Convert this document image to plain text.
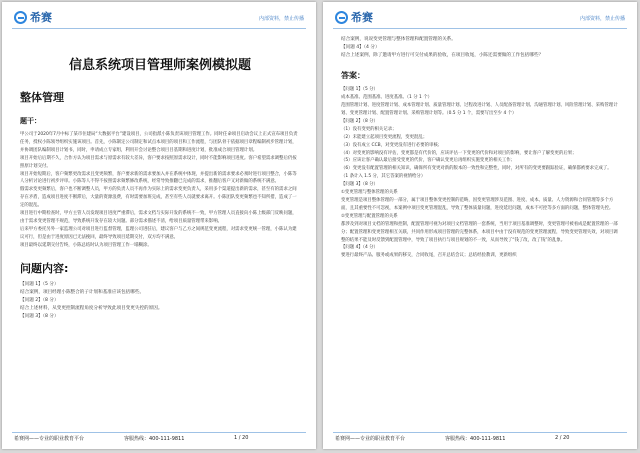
希赛	内部资料，禁止传播
信息系统项目管理师案例模拟题
整体管理
题干：

甲公司于2020年7月中标了某市住建局“大数据平台”建设项目，公司指派小陈负责该项目管理工作。同时任命项目启动会议上正式宣布项目负责任务，授权小陈领导组织实施该项目。首先，小陈制定公司制定和试点本项目的项目和工作流程，与团队骨干依据项目章程编制初步管理计划，并协调团队编制项目计划书，同时，申请成立专家组，利用开会讨论整合项目目基期和进度计划，批准成合项目管理计划。

项目开始后后期不久，合作方认为项目需求与原需求有较大差异，客户要求按照原需求设计，同时不能影响项目进度。客户希望需求调整后仍按照原计划交付。

项目开始短期后，客户频繁更改需求且变更频繁，客户要求新的需求要加入并在系统中体现，并提出新的需求要求必须时进行项目整合，小陈等人分析讨论进行初步评审。小陈等人不得不按照需求频繁修改系统，经常导致推翻已完成的需求，推翻后客户又对新做的系统不满意。

假需求变更频繁后，客户也不断调整人员，甲方的负责人员不再作为实际上的需求变更负责人，采用多个渠道提出新的需求，甚至有的需求之间存在矛盾，造成项目进度不断滞后，大量的资源浪费，有时需要加班完成，甚至有些人员就要求离开。小陈团队变更频繁也不知所措，造成了一定的混乱。

项目进行中期检查时，甲方主管人员发现项目进度严重滞后，需求文档与实际开发的系统不一致，甲方管理人员直接向小陈上级部门反映问题，由于需求变更管理不规范，导致系统开发存在较大问题。部分需求描述不清，给项目质量管理带来影响。

后来甲方委托另外一家监理公司对项目进行监督管理，监理公司进驻后，建议客户与乙方之间规范变更流程，对需求变更统一管理，小陈认为建议可行，但是由于进度原因已无法挽回，最终导致项目延期交付，双方均不满意。

项目最终以延期交付告终，小陈总结时认为项目管理工作一塌糊涂。

问题内容:

【问题 1】（5 分）

结合案例，项目经理小陈整合的子计划和基准应该包括哪些。

【问题 2】（8 分）

结合上述材料，从变更控制流程角度分析导致此项目变更失控的原因。

【问题 3】（8 分）

希赛网——专业的职业教育平台	客服热线：400-111-9811	1 / 20
希赛	内部资料，禁止传播

结合案例，说说变更管理与整体管理和配置管理的关系。

【问题 4】（4 分）

结合上述案例，除了邀请甲方进行可交付成果的验收，在项目收尾，小陈还需要做的工作包括哪些？

答案：

【问题 1】（5 分）

成本基准、范围基准、进度基准。（1 分 1 个）

范围管理计划、进度管理计划、成本管理计划、质量管理计划、过程改进计划、人员配备管理计划、沟通管理计划、风险管理计划、采购管理计划、变更管理计划、配置管理计划、采购管理计划等。（0.5 分 1 个，需要写出至少 4 个）

【问题 2】（8 分）

（1）没有变更的相关记录；

（2）未能建立起项目变更流程，变更混乱；

（3）没有成立 CCB，对变更没有进行必要的审核；

（4）对变更的影响没有评估，变更都是有代价的，应该评估一下变更的代价和对项目的影响，要让客户了解变更的后果；

（5）应该让客户确认最后接受变更的代价，客户确认变更后再组织实施变更的相关工作；

（6）变更没有配置管理的相关知识，确保所有变更对新的版本的一致性和完整性，同时，对所有的变更要跟踪验证，确保都被要求完成了。

（1 条计入 1.5 分，其它答案的视情给分）

【问题 3】（8 分）

①变更管理与整体管理的关系

变更管理是项目整体管理的一部分，属于项目整体变更控制的范畴，因变更管理涉及范围、进度、成本、质量、人力资源和合同管理等多个方面，且其重要性不可忽视，本案例中项目变更管理混乱，导致了整体质量问题，进度延迟问题，成本不可控等多方面的问题，整体管理失控。

②变更管理与配置管理的关系

都涉及到对项目文档的管理和控制，配置管理可视为对项目文档管理的一套系统，当用于项目基准调整时，变更管理可被看成是配置管理的一部分；配置管理和变更管理相互关联，共同作用形成项目管理的完整体系，本项目中由于没有规范的变更管理流程，导致变更管理失效，对项目调整的结果不能及时反馈到配置管理中，导致了项目执行与项目规划的不一致，从而导致了“钱了改，改了钱”的乱象。

【问题 4】（4 分）

要进行最终产品、服务或成果的移交，合同收尾，召开总结会议；总结经验教训，更新组织

希赛网——专业的职业教育平台	客服热线：400-111-9811	2 / 20
